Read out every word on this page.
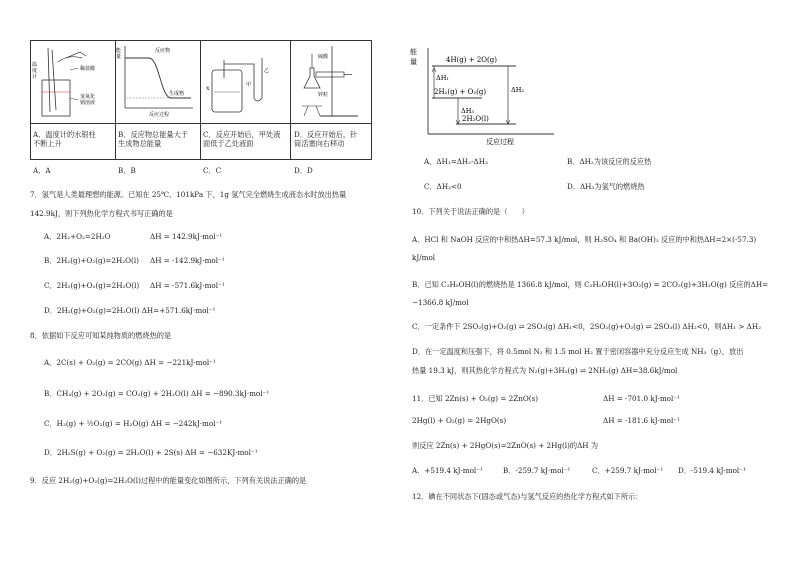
温
度
计
稀盐酸
氢氧化
钠溶液
能
量
反应物
生成物
反应过程
X
甲
乙
硫酸
锌粒
A．温度计的水银柱
不断上升
B．反应物总能量大于
生成物总能量
C．反应开始后，甲处液
面低于乙处液面
D．反应开始后，针
筒活塞向右移动
A．A	B．B	C．C	D．D
7．氢气是人类最理想的能源。已知在 25℃、101kPa 下，1g 氢气完全燃烧生成液态水时放出热量
142.9kJ，则下列热化学方程式书写正确的是
A．2H₂+O₂=2H₂O	ΔH = 142.9kJ·mol⁻¹
B．2H₂(g)+O₂(g)=2H₂O(l) ΔH = -142.9kJ·mol⁻¹
C．2H₂(g)+O₂(g)=2H₂O(l) ΔH = -571.6kJ·mol⁻¹
D．2H₂(g)+O₂(g)=2H₂O(l) ΔH=+571.6kJ·mol⁻¹
8．依据如下反应可知某纯物质的燃烧热的是
A．2C(s) + O₂(g) = 2CO(g) ΔH = −221kJ·mol⁻¹
B．CH₄(g) + 2O₂(g) = CO₂(g) + 2H₂O(l) ΔH = −890.3kJ·mol⁻¹
C．H₂(g) + ½O₂(g) = H₂O(g) ΔH = −242kJ·mol⁻¹
D．2H₂S(g) + O₂(g) = 2H₂O(l) + 2S(s) ΔH = −632KJ·mol⁻¹
9．反应 2H₂(g)+O₂(g)=2H₂O(l)过程中的能量变化如图所示，下列有关说法正确的是
能
量	4H(g) + 2O(g)
2H₂(g) + O₂(g)
2H₂O(l)
ΔH₁
ΔH₂
ΔH₃
反应过程
A．ΔH₁=ΔH₂-ΔH₃	B．ΔH₂为该反应的反应热
C．ΔH₃<0	D．ΔH₃为氢气的燃烧热
10．下列关于说法正确的是（　　）
A．HCl 和 NaOH 反应的中和热ΔH=57.3 kJ/mol，则 H₂SO₄ 和 Ba(OH)₂ 反应的中和热ΔH=2×(-57.3)
kJ/mol
B．已知 C₂H₅OH(l)的燃烧热是 1366.8 kJ/mol，则 C₂H₅OH(l)+3O₂(g) = 2CO₂(g)+3H₂O(g) 反应的ΔH=
−1366.8 kJ/mol
C．一定条件下 2SO₂(g)+O₂(g) ⇌ 2SO₃(g) ΔH₁<0，2SO₂(g)+O₂(g) ⇌ 2SO₃(l) ΔH₂<0，则ΔH₁ > ΔH₂
D．在一定温度和压强下，将 0.5mol N₂ 和 1.5 mol H₂ 置于密闭容器中充分反应生成 NH₃（g），放出
热量 19.3 kJ，则其热化学方程式为 N₂(g)+3H₂(g) ⇌ 2NH₃(g) ΔH=38.6kJ/mol
11．已知 2Zn(s) + O₂(g) = 2ZnO(s)	ΔH = -701.0 kJ·mol⁻¹
2Hg(l) + O₂(g) = 2HgO(s)	ΔH = -181.6 kJ·mol⁻¹
则反应 2Zn(s) + 2HgO(s)=2ZnO(s) + 2Hg(l)的ΔH 为
A．+519.4 kJ·mol⁻¹	B．-259.7 kJ·mol⁻¹	C．+259.7 kJ·mol⁻¹ D．-519.4 kJ·mol⁻¹
12．碘在不同状态下(固态或气态)与氢气反应的热化学方程式如下所示：
